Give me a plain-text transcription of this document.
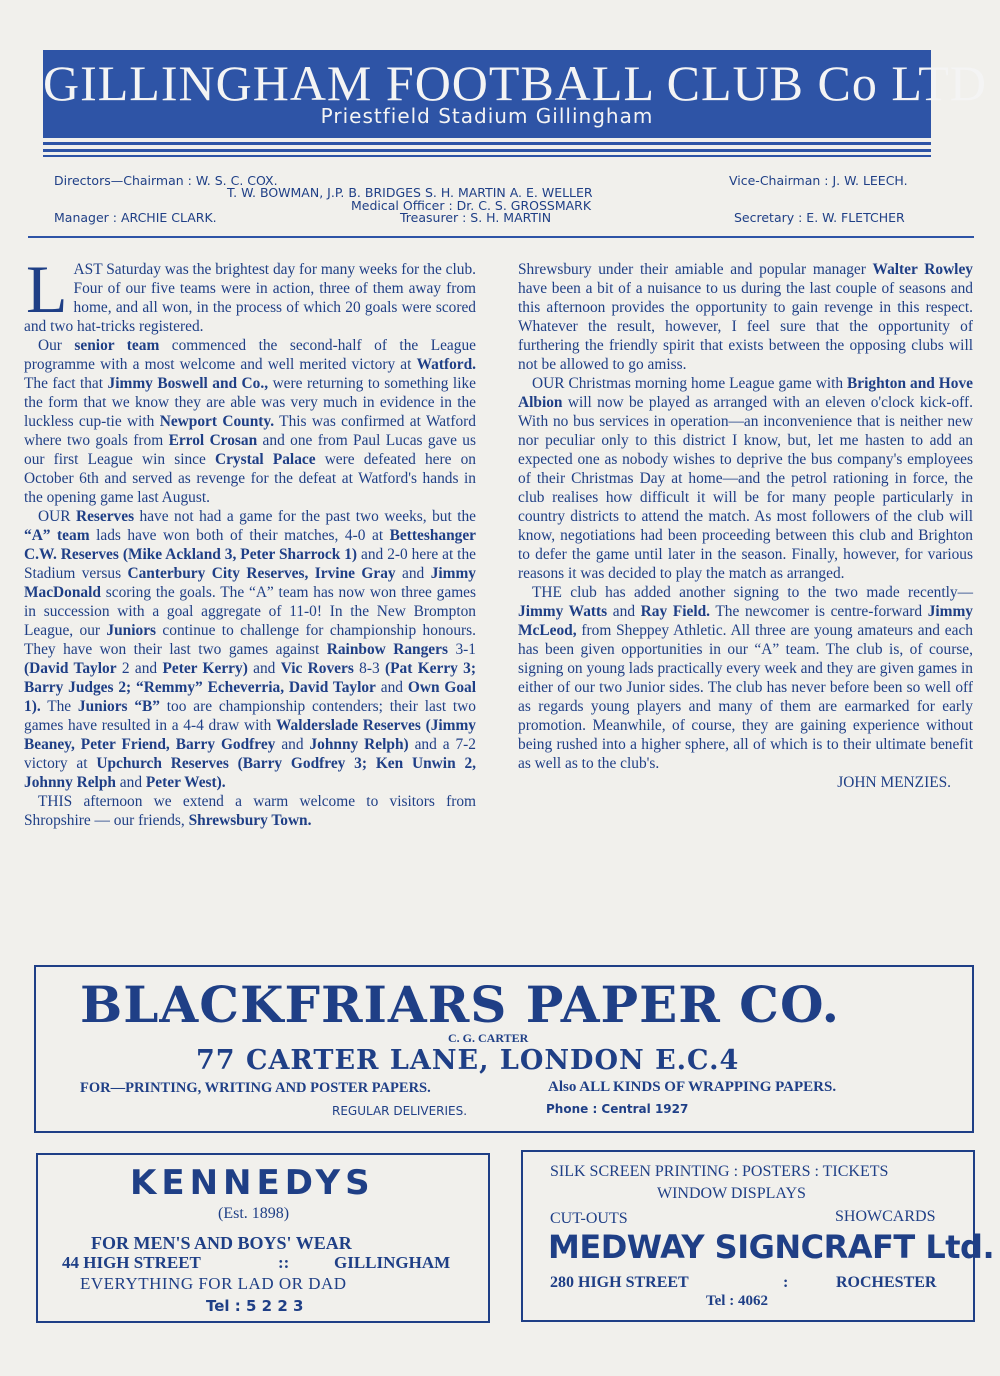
GILLINGHAM FOOTBALL CLUB Co LTD
Priestfield Stadium Gillingham
Directors—Chairman : W. S. C. COX.
T. W. BOWMAN, J.P. B. BRIDGES S. H. MARTIN A. E. WELLER
Vice-Chairman : J. W. LEECH.
Medical Officer : Dr. C. S. GROSSMARK
Manager : ARCHIE CLARK.	Treasurer : S. H. MARTIN	Secretary : E. W. FLETCHER

LAST Saturday was the brightest day for many weeks for the club. Four of our five teams were in action, three of them away from home, and all won, in the process of which 20 goals were scored and two hat-tricks registered.

Our senior team commenced the second-half of the League programme with a most welcome and well merited victory at Watford. The fact that Jimmy Boswell and Co., were returning to something like the form that we know they are able was very much in evidence in the luckless cup-tie with Newport County. This was confirmed at Watford where two goals from Errol Crosan and one from Paul Lucas gave us our first League win since Crystal Palace were defeated here on October 6th and served as revenge for the defeat at Watford's hands in the opening game last August.

OUR Reserves have not had a game for the past two weeks, but the “A” team lads have won both of their matches, 4-0 at Betteshanger C.W. Reserves (Mike Ackland 3, Peter Sharrock 1) and 2-0 here at the Stadium versus Canterbury City Reserves, Irvine Gray and Jimmy MacDonald scoring the goals. The “A” team has now won three games in succession with a goal aggregate of 11-0! In the New Brompton League, our Juniors continue to challenge for championship honours. They have won their last two games against Rainbow Rangers 3-1 (David Taylor 2 and Peter Kerry) and Vic Rovers 8-3 (Pat Kerry 3; Barry Judges 2; “Remmy” Echeverria, David Taylor and Own Goal 1). The Juniors “B” too are championship contenders; their last two games have resulted in a 4-4 draw with Walderslade Reserves (Jimmy Beaney, Peter Friend, Barry Godfrey and Johnny Relph) and a 7-2 victory at Upchurch Reserves (Barry Godfrey 3; Ken Unwin 2, Johnny Relph and Peter West).

THIS afternoon we extend a warm welcome to visitors from Shropshire — our friends, Shrewsbury Town.

Shrewsbury under their amiable and popular manager Walter Rowley have been a bit of a nuisance to us during the last couple of seasons and this afternoon provides the opportunity to gain revenge in this respect. Whatever the result, however, I feel sure that the opportunity of furthering the friendly spirit that exists between the opposing clubs will not be allowed to go amiss.

OUR Christmas morning home League game with Brighton and Hove Albion will now be played as arranged with an eleven o'clock kick-off. With no bus services in operation—an inconvenience that is neither new nor peculiar only to this district I know, but, let me hasten to add an expected one as nobody wishes to deprive the bus company's employees of their Christmas Day at home—and the petrol rationing in force, the club realises how difficult it will be for many people particularly in country districts to attend the match. As most followers of the club will know, negotiations had been proceeding between this club and Brighton to defer the game until later in the season. Finally, however, for various reasons it was decided to play the match as arranged.

THE club has added another signing to the two made recently—Jimmy Watts and Ray Field. The newcomer is centre-forward Jimmy McLeod, from Sheppey Athletic. All three are young amateurs and each has been given opportunities in our “A” team. The club is, of course, signing on young lads practically every week and they are given games in either of our two Junior sides. The club has never before been so well off as regards young players and many of them are earmarked for early promotion. Meanwhile, of course, they are gaining experience without being rushed into a higher sphere, all of which is to their ultimate benefit as well as to the club's.
JOHN MENZIES.

BLACKFRIARS PAPER CO.
C. G. CARTER
77 CARTER LANE, LONDON E.C.4
FOR—PRINTING, WRITING AND POSTER PAPERS.	Also ALL KINDS OF WRAPPING PAPERS.
REGULAR DELIVERIES.	Phone : Central 1927
KENNEDYS
(Est. 1898)
FOR MEN'S AND BOYS' WEAR
44 HIGH STREET	::	GILLINGHAM
EVERYTHING FOR LAD OR DAD
Tel : 5 2 2 3
SILK SCREEN PRINTING : POSTERS : TICKETS
WINDOW DISPLAYS
CUT-OUTS	SHOWCARDS
MEDWAY SIGNCRAFT Ltd.
280 HIGH STREET	:	ROCHESTER
Tel : 4062
